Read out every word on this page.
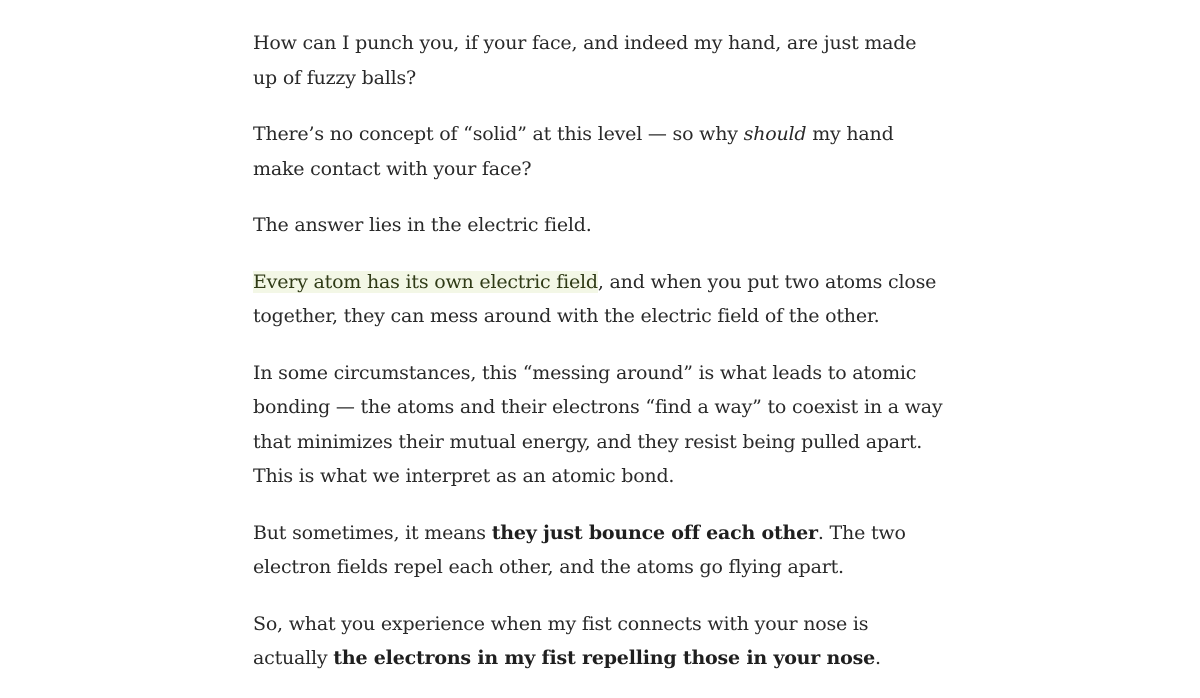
How can I punch you, if your face, and indeed my hand, are just made up of fuzzy balls?

There’s no concept of “solid” at this level — so why should my hand make contact with your face?

The answer lies in the electric field.

Every atom has its own electric field, and when you put two atoms close together, they can mess around with the electric field of the other.

In some circumstances, this “messing around” is what leads to atomic bonding — the atoms and their electrons “find a way” to coexist in a way that minimizes their mutual energy, and they resist being pulled apart. This is what we interpret as an atomic bond.

But sometimes, it means they just bounce off each other. The two electron fields repel each other, and the atoms go flying apart.

So, what you experience when my fist connects with your nose is actually the electrons in my fist repelling those in your nose.
